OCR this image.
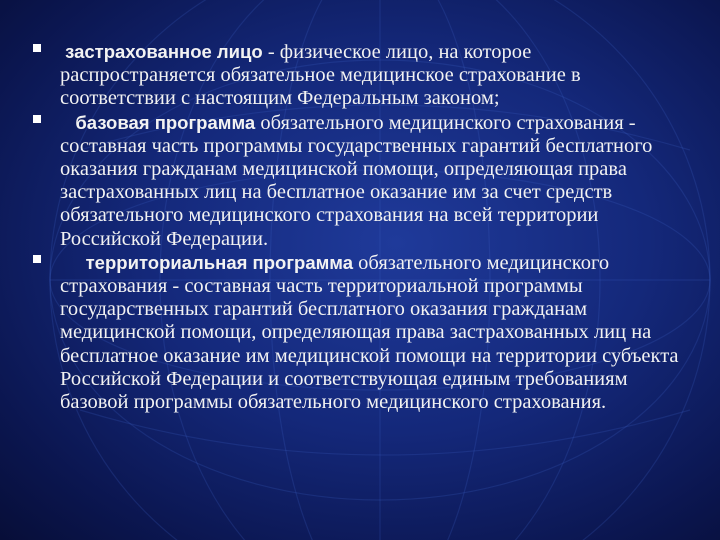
застрахованное лицо - физическое лицо, на которое распространяется обязательное медицинское страхование в соответствии с настоящим Федеральным законом;
базовая программа обязательного медицинского страхования - составная часть программы государственных гарантий бесплатного оказания гражданам медицинской помощи, определяющая права застрахованных лиц на бесплатное оказание им за счет средств обязательного медицинского страхования на всей территории Российской Федерации.
территориальная программа обязательного медицинского страхования - составная часть территориальной программы государственных гарантий бесплатного оказания гражданам медицинской помощи, определяющая права застрахованных лиц на бесплатное оказание им медицинской помощи на территории субъекта Российской Федерации и соответствующая единым требованиям базовой программы обязательного медицинского страхования.
